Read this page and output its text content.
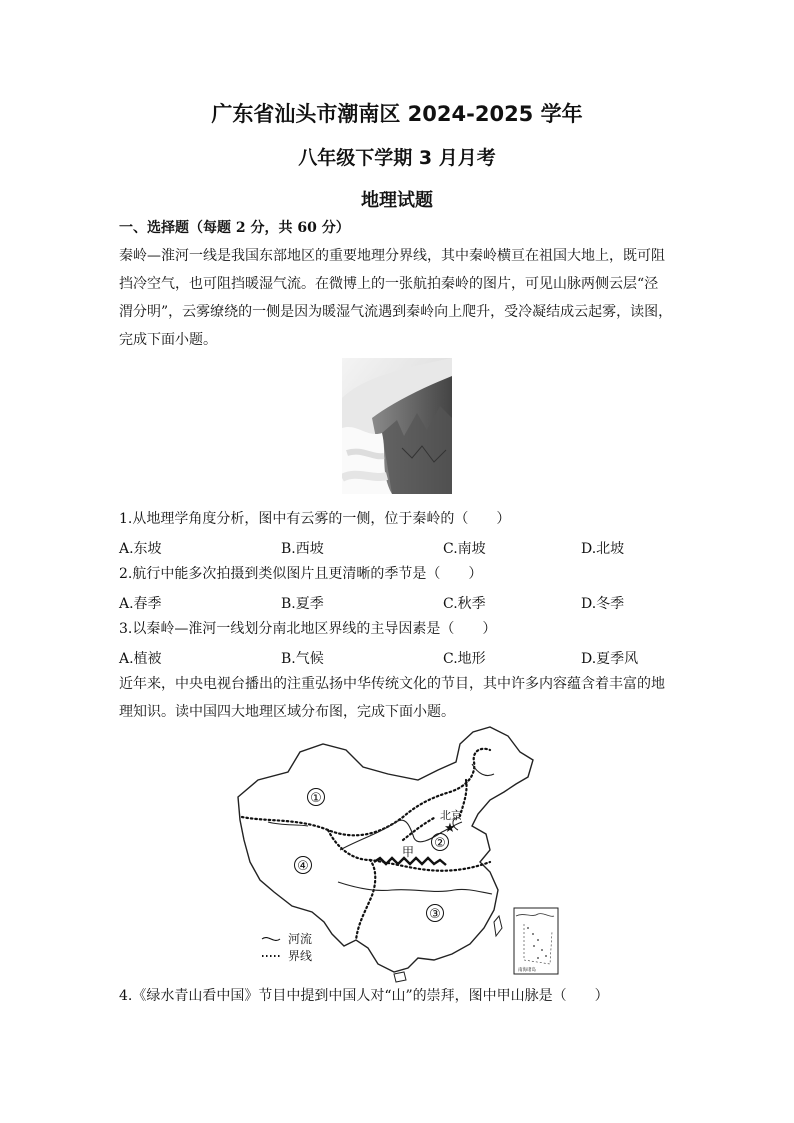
广东省汕头市潮南区 2024-2025 学年
八年级下学期 3 月月考
地理试题
一、选择题（每题 2 分，共 60 分）
秦岭—淮河一线是我国东部地区的重要地理分界线，其中秦岭横亘在祖国大地上，既可阻
挡冷空气，也可阻挡暖湿气流。在微博上的一张航拍秦岭的图片，可见山脉两侧云层“泾
渭分明”，云雾缭绕的一侧是因为暖湿气流遇到秦岭向上爬升，受冷凝结成云起雾，读图，
完成下面小题。
1.从地理学角度分析，图中有云雾的一侧，位于秦岭的（　　）
A.东坡	B.西坡	C.南坡	D.北坡
2.航行中能多次拍摄到类似图片且更清晰的季节是（　　）
A.春季	B.夏季	C.秋季	D.冬季
3.以秦岭—淮河一线划分南北地区界线的主导因素是（　　）
A.植被	B.气候	C.地形	D.夏季风
近年来，中央电视台播出的注重弘扬中华传统文化的节目，其中许多内容蕴含着丰富的地
理知识。读中国四大地理区域分布图，完成下面小题。
①
②
③
④
★
北京
甲
河流
界线
南海诸岛
4.《绿水青山看中国》节目中提到中国人对“山”的崇拜，图中甲山脉是（　　）
